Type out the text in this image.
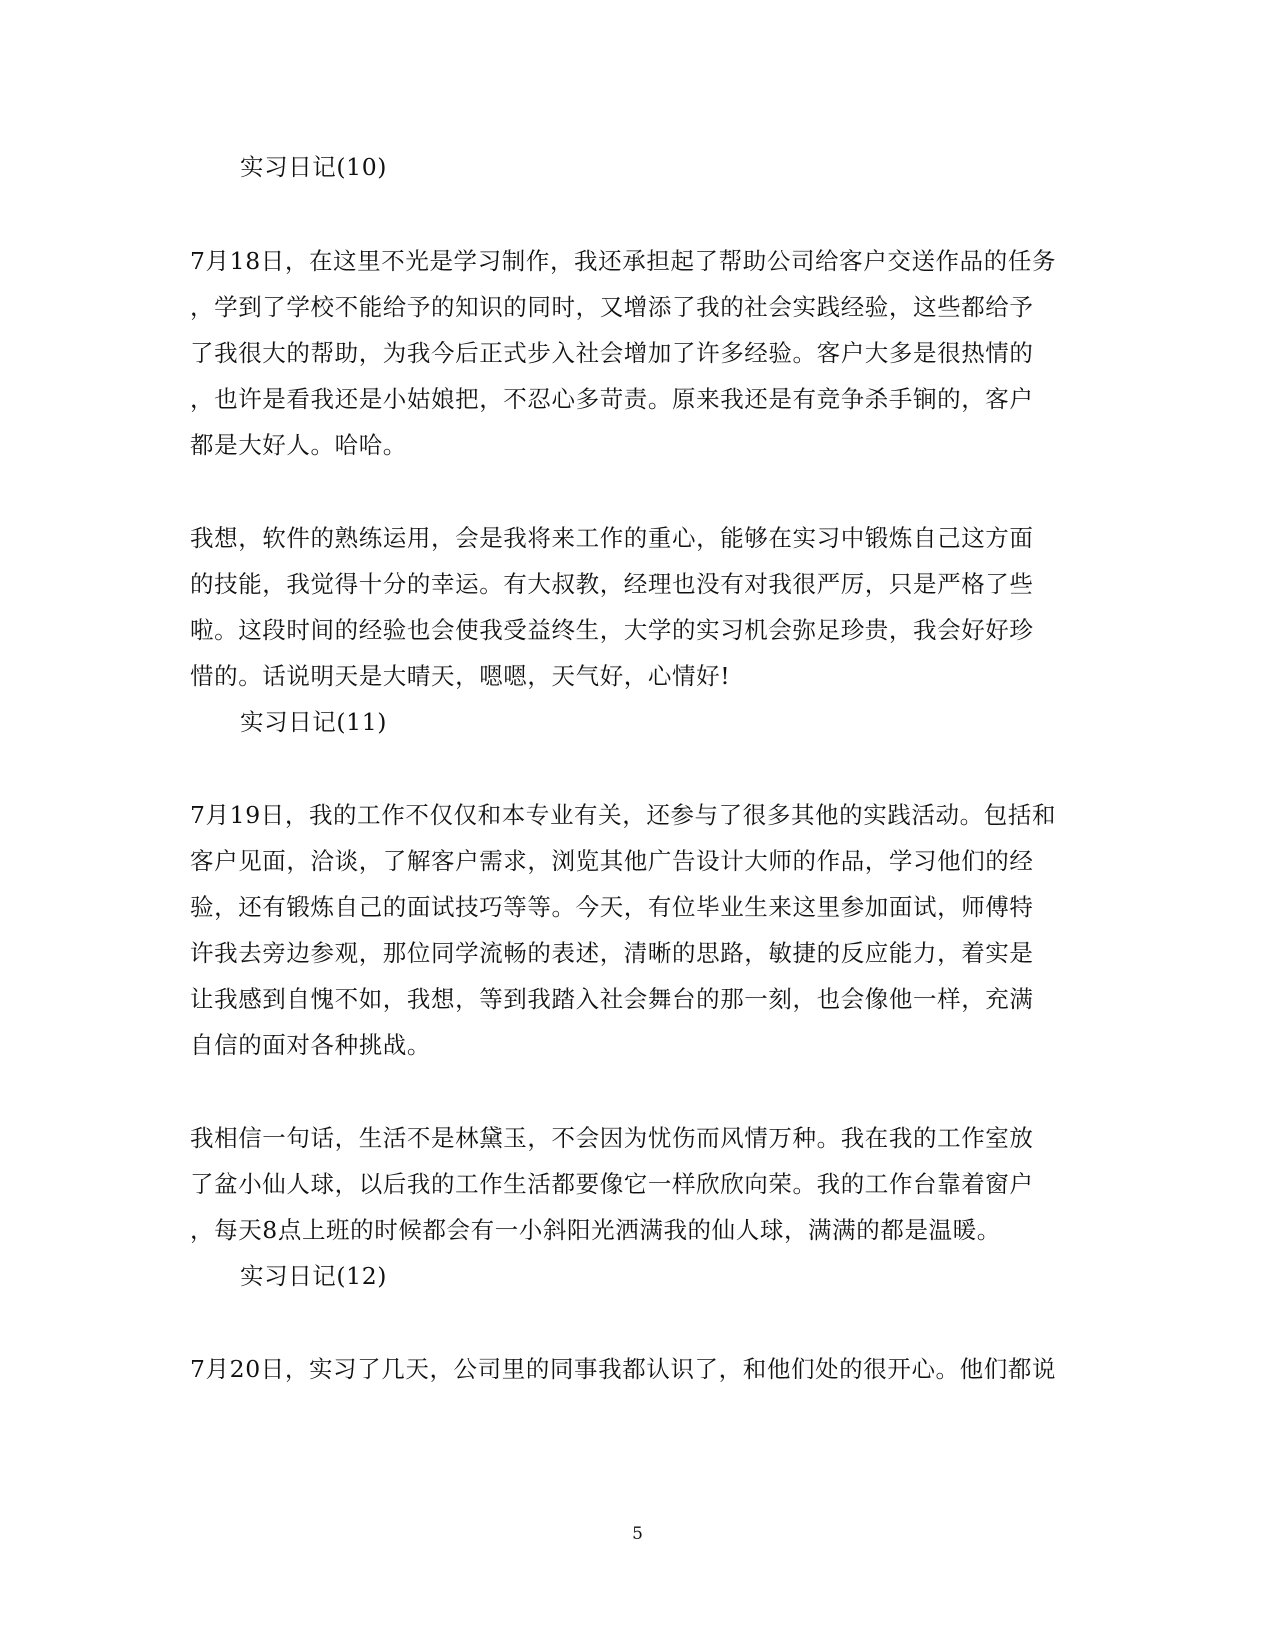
实习日记(10)
7月18日，在这里不光是学习制作，我还承担起了帮助公司给客户交送作品的任务
，学到了学校不能给予的知识的同时，又增添了我的社会实践经验，这些都给予
了我很大的帮助，为我今后正式步入社会增加了许多经验。客户大多是很热情的
，也许是看我还是小姑娘把，不忍心多苛责。原来我还是有竞争杀手锏的，客户
都是大好人。哈哈。
我想，软件的熟练运用，会是我将来工作的重心，能够在实习中锻炼自己这方面
的技能，我觉得十分的幸运。有大叔教，经理也没有对我很严厉，只是严格了些
啦。这段时间的经验也会使我受益终生，大学的实习机会弥足珍贵，我会好好珍
惜的。话说明天是大晴天，嗯嗯，天气好，心情好!
实习日记(11)
7月19日，我的工作不仅仅和本专业有关，还参与了很多其他的实践活动。包括和
客户见面，洽谈，了解客户需求，浏览其他广告设计大师的作品，学习他们的经
验，还有锻炼自己的面试技巧等等。今天，有位毕业生来这里参加面试，师傅特
许我去旁边参观，那位同学流畅的表述，清晰的思路，敏捷的反应能力，着实是
让我感到自愧不如，我想，等到我踏入社会舞台的那一刻，也会像他一样，充满
自信的面对各种挑战。
我相信一句话，生活不是林黛玉，不会因为忧伤而风情万种。我在我的工作室放
了盆小仙人球，以后我的工作生活都要像它一样欣欣向荣。我的工作台靠着窗户
，每天8点上班的时候都会有一小斜阳光洒满我的仙人球，满满的都是温暖。
实习日记(12)
7月20日，实习了几天，公司里的同事我都认识了，和他们处的很开心。他们都说
5
